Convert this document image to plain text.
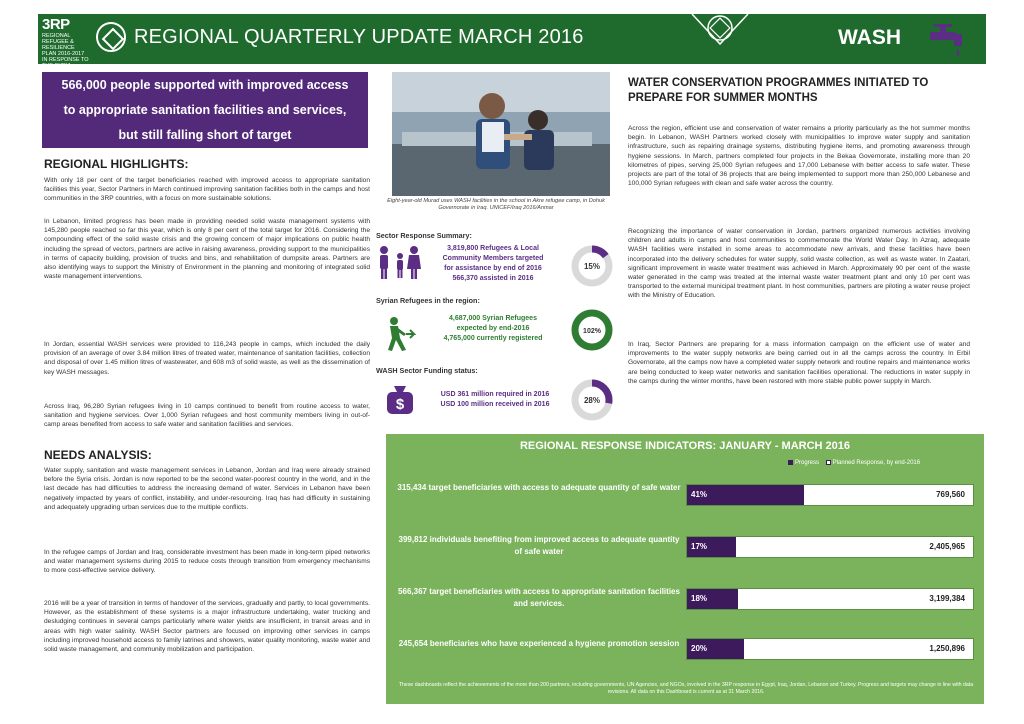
3RP
REGIONAL REFUGEE & RESILIENCE PLAN 2016-2017 IN RESPONSE TO THE SYRIA
REGIONAL QUARTERLY UPDATE MARCH 2016	WASH
566,000 people supported with improved access
to appropriate sanitation facilities and services,
but still falling short of target
REGIONAL HIGHLIGHTS:
With only 18 per cent of the target beneficiaries reached with improved access to appropriate sanitation facilities this year, Sector Partners in March continued improving sanitation facilities both in the camps and host communities in the 3RP countries, with a focus on more sustainable solutions.
In Lebanon, limited progress has been made in providing needed solid waste management systems with 145,280 people reached so far this year, which is only 8 per cent of the total target for 2016. Considering the compounding effect of the solid waste crisis and the growing concern of major implications on public health including the spread of vectors, partners are active in raising awareness, providing support to the municipalities in terms of capacity building, provision of trucks and bins, and rehabilitation of dumpsite areas. Partners are also identifying ways to support the Ministry of Environment in the planning and monitoring of integrated solid waste management interventions.
In Jordan, essential WASH services were provided to 116,243 people in camps, which included the daily provision of an average of over 3.84 million litres of treated water, maintenance of sanitation facilities, collection and disposal of over 1.45 million litres of wastewater, and 608 m3 of solid waste, as well as the dissemination of key WASH messages.
Across Iraq, 96,280 Syrian refugees living in 10 camps continued to benefit from routine access to water, sanitation and hygiene services. Over 1,000 Syrian refugees and host community members living in out-of-camp areas benefited from access to safe water and sanitation facilities and services.
NEEDS ANALYSIS:
Water supply, sanitation and waste management services in Lebanon, Jordan and Iraq were already strained before the Syria crisis. Jordan is now reported to be the second water-poorest country in the world, and in the last decade has had difficulties to address the increasing demand of water. Services in Lebanon have been negatively impacted by years of conflict, instability, and under-resourcing. Iraq has had difficulty in sustaining and adequately upgrading urban services due to the multiple conflicts.
In the refugee camps of Jordan and Iraq, considerable investment has been made in long-term piped networks and water management systems during 2015 to reduce costs through transition from emergency mechanisms to more cost-effective service delivery.
2016 will be a year of transition in terms of handover of the services, gradually and partly, to local governments. However, as the establishment of these systems is a major infrastructure undertaking, water trucking and desludging continues in several camps particularly where water yields are insufficient, in transit areas and in areas with high water salinity. WASH Sector partners are focused on improving other services in camps including improved household access to family latrines and showers, water quality monitoring, waste water and solid waste management, and community mobilization and participation.
Eight-year-old Murad uses WASH facilities in the school in Akre refugee camp, in Dohuk Governorate in Iraq. UNICEF/Iraq 2016/Anmar
Sector Response Summary:
3,819,800 Refugees & Local
Community Members targeted
for assistance by end of 2016
566,370 assisted in 2016
15%
Syrian Refugees in the region:
4,687,000 Syrian Refugees
expected by end-2016
4,765,000 currently registered
102%
WASH Sector Funding status:
$
USD 361 million required in 2016
USD 100 million received in 2016	28%
WATER CONSERVATION PROGRAMMES INITIATED TO PREPARE FOR SUMMER MONTHS
Across the region, efficient use and conservation of water remains a priority particularly as the hot summer months begin. In Lebanon, WASH Partners worked closely with municipalities to improve water supply and sanitation infrastructure, such as repairing drainage systems, distributing hygiene items, and promoting awareness through hygiene sessions. In March, partners completed four projects in the Bekaa Governorate, installing more than 20 kilometres of pipes, serving 25,000 Syrian refugees and 17,000 Lebanese with better access to safe water. These projects are part of the total of 36 projects that are being implemented to support more than 250,000 Lebanese and 100,000 Syrian refugees with clean and safe water across the country.
Recognizing the importance of water conservation in Jordan, partners organized numerous activities involving children and adults in camps and host communities to commemorate the World Water Day. In Azraq, adequate WASH facilities were installed in some areas to accommodate new arrivals, and these facilities have been incorporated into the delivery schedules for water supply, solid waste collection, as well as waste water. In Zaatari, significant improvement in waste water treatment was achieved in March. Approximately 90 per cent of the waste water generated in the camp was treated at the internal waste water treatment plant and only 10 per cent was transported to the external municipal treatment plant. In host communities, partners are piloting a water reuse project with the Ministry of Education.
In Iraq, Sector Partners are preparing for a mass information campaign on the efficient use of water and improvements to the water supply networks are being carried out in all the camps across the country. In Erbil Governorate, all the camps now have a completed water supply network and routine repairs and maintenance works are being conducted to keep water networks and sanitation facilities operational. The reductions in water supply in the camps during the winter months, have been restored with more stable public power supply in March.
REGIONAL RESPONSE INDICATORS: JANUARY - MARCH 2016
Progress Planned Response, by end-2016
315,434 target beneficiaries with access to adequate quantity of safe water
41%	769,560
399,812 individuals benefiting from improved access to adequate quantity of safe water
17%	2,405,965
566,367 target beneficiaries with access to appropriate sanitation facilities and services.
18%	3,199,384
245,654 beneficiaries who have experienced a hygiene promotion session
20%	1,250,896
These dashboards reflect the achievements of the more than 200 partners, including governments, UN Agencies, and NGOs, involved in the 3RP response in Egypt, Iraq, Jordan, Lebanon and Turkey. Progress and targets may change in line with data revisions. All data on this Dashboard is current as at 31 March 2016.
